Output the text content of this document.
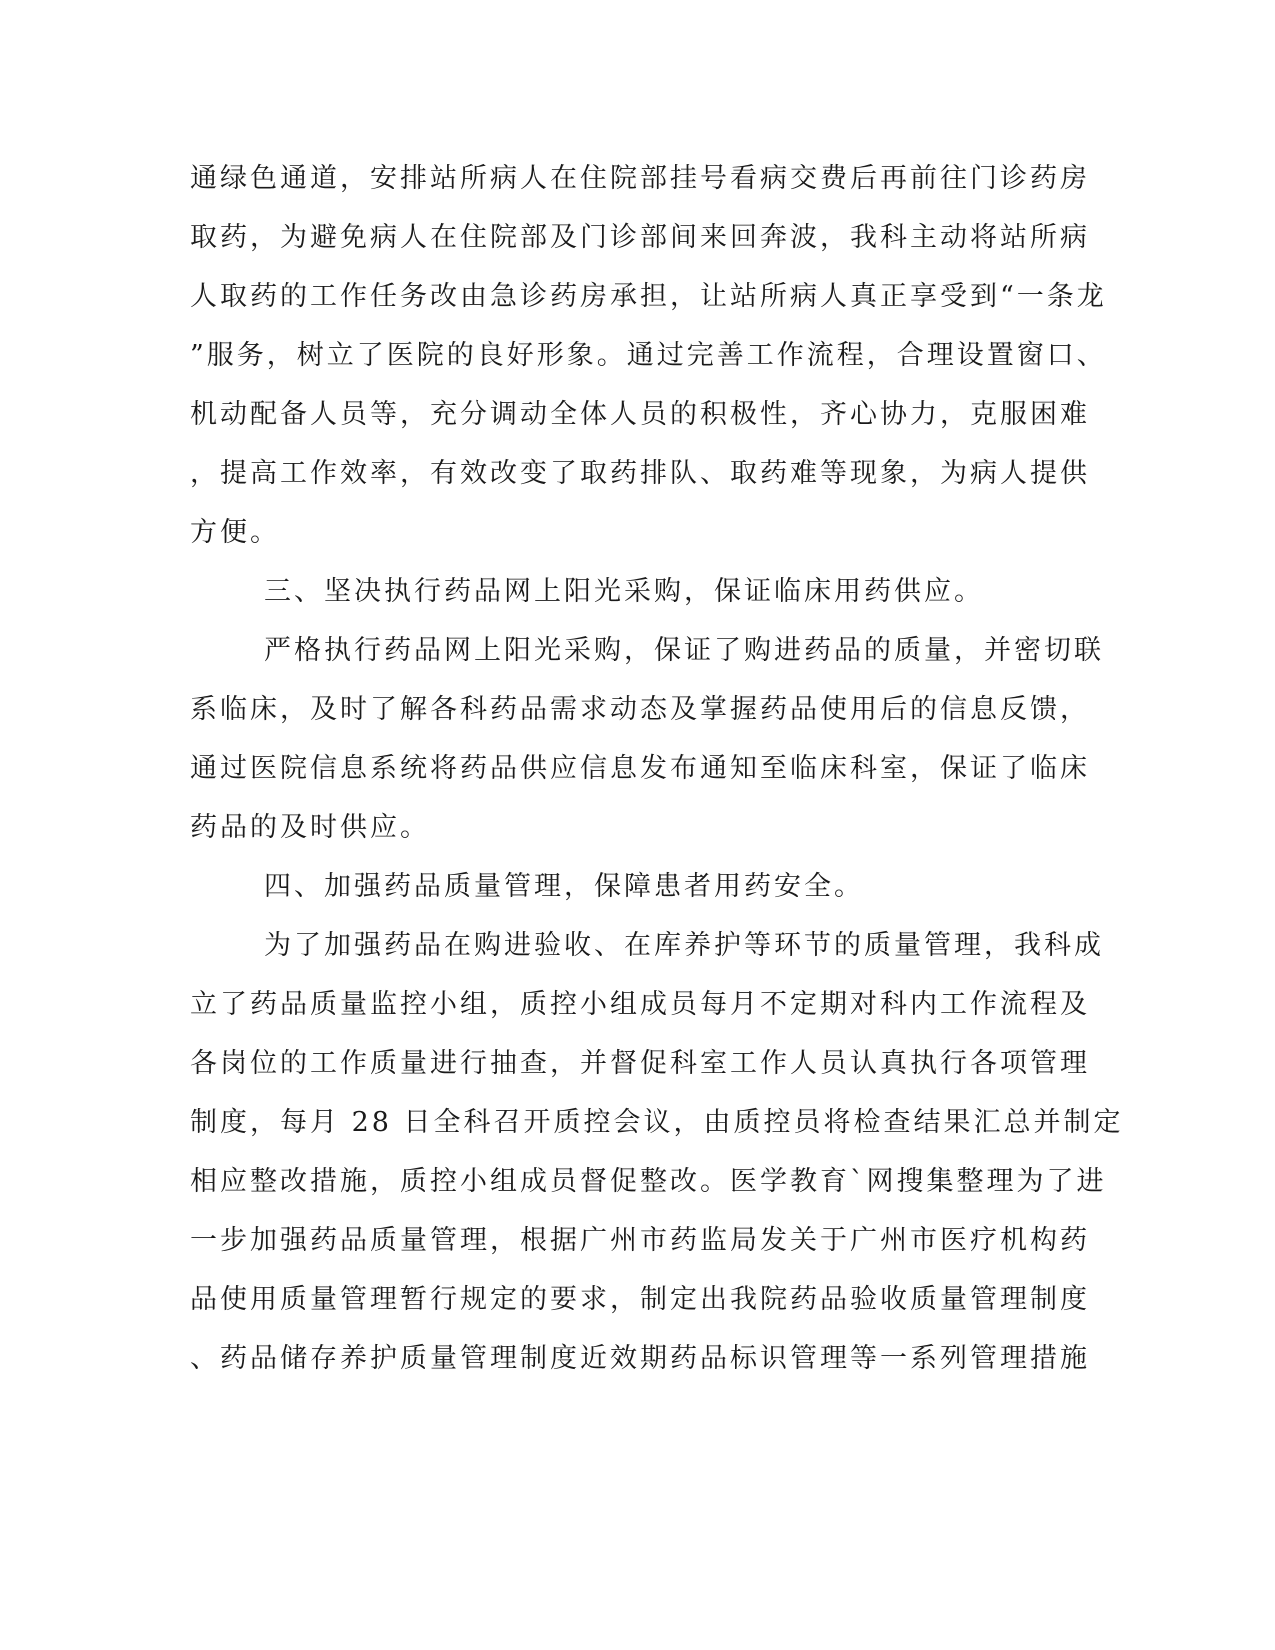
通绿色通道，安排站所病人在住院部挂号看病交费后再前往门诊药房
取药，为避免病人在住院部及门诊部间来回奔波，我科主动将站所病
人取药的工作任务改由急诊药房承担，让站所病人真正享受到“一条龙
”服务，树立了医院的良好形象。通过完善工作流程，合理设置窗口、
机动配备人员等，充分调动全体人员的积极性，齐心协力，克服困难
，提高工作效率，有效改变了取药排队、取药难等现象，为病人提供
方便。
三、坚决执行药品网上阳光采购，保证临床用药供应。
严格执行药品网上阳光采购，保证了购进药品的质量，并密切联
系临床，及时了解各科药品需求动态及掌握药品使用后的信息反馈，
通过医院信息系统将药品供应信息发布通知至临床科室，保证了临床
药品的及时供应。
四、加强药品质量管理，保障患者用药安全。
为了加强药品在购进验收、在库养护等环节的质量管理，我科成
立了药品质量监控小组，质控小组成员每月不定期对科内工作流程及
各岗位的工作质量进行抽查，并督促科室工作人员认真执行各项管理
制度，每月 28 日全科召开质控会议，由质控员将检查结果汇总并制定
相应整改措施，质控小组成员督促整改。医学教育`网搜集整理为了进
一步加强药品质量管理，根据广州市药监局发关于广州市医疗机构药
品使用质量管理暂行规定的要求，制定出我院药品验收质量管理制度
、药品储存养护质量管理制度近效期药品标识管理等一系列管理措施
